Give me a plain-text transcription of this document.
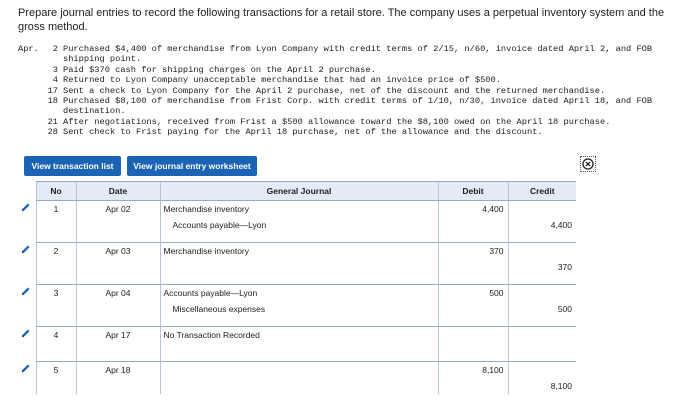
Prepare journal entries to record the following transactions for a retail store. The company uses a perpetual inventory system and the gross method.
Apr.	2 Purchased $4,400 of merchandise from Lyon Company with credit terms of 2/15, n/60, invoice dated April 2, and FOB shipping point.
3 Paid $370 cash for shipping charges on the April 2 purchase.
4 Returned to Lyon Company unacceptable merchandise that had an invoice price of $500.
17 Sent a check to Lyon Company for the April 2 purchase, net of the discount and the returned merchandise.
18 Purchased $8,100 of merchandise from Frist Corp. with credit terms of 1/10, n/30, invoice dated April 18, and FOB destination.
21 After negotiations, received from Frist a $500 allowance toward the $8,100 owed on the April 18 purchase.
28 Sent check to Frist paying for the April 18 purchase, net of the allowance and the discount.
View transaction list	View journal entry worksheet
	No	Date	General Journal	Debit	Credit
	1	Apr 02	Merchandise inventory	4,400	
			Accounts payable—Lyon		4,400

	2	Apr 03	Merchandise inventory	370	
					370

	3	Apr 04	Accounts payable—Lyon	500	
			Miscellaneous expenses		500

	4	Apr 17	No Transaction Recorded		

	5	Apr 18		8,100	
					8,100
